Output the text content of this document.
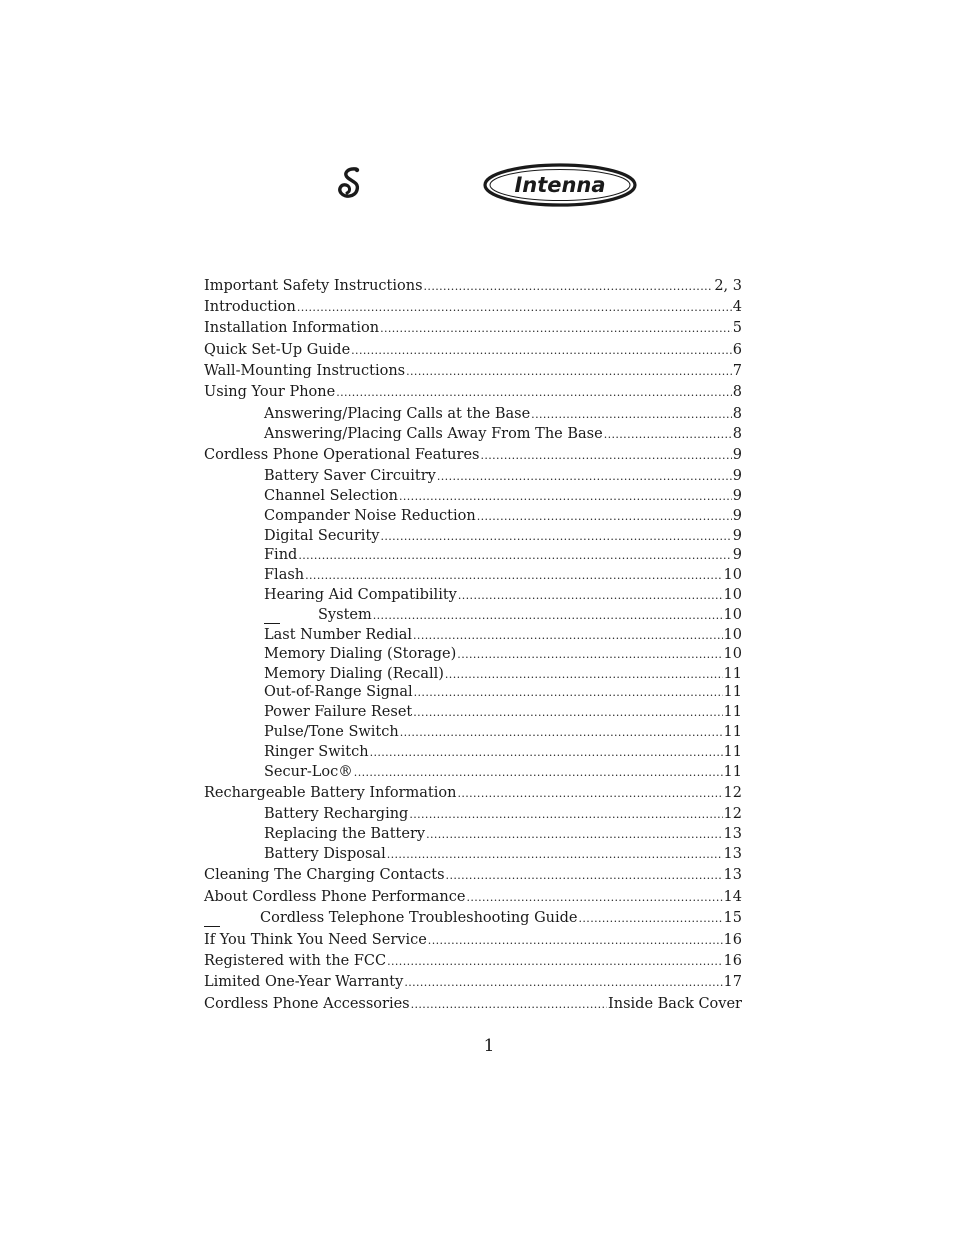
Intenna
Important Safety Instructions .....	2, 3
Introduction .....	4
Installation Information .....	5
Quick Set-Up Guide .....	6
Wall-Mounting Instructions .....	7
Using Your Phone .....	8
Answering/Placing Calls at the Base .....	8
Answering/Placing Calls Away From The Base .....	8
Cordless Phone Operational Features .....	9
Battery Saver Circuitry .....	9
Channel Selection .....	9
Compander Noise Reduction .....	9
Digital Security .....	9
Find .....	9
Flash .....	10
Hearing Aid Compatibility .....	10
System .....	10
Last Number Redial .....	10
Memory Dialing (Storage) .....	10
Memory Dialing (Recall) .....	11
Out-of-Range Signal .....	11
Power Failure Reset .....	11
Pulse/Tone Switch .....	11
Ringer Switch .....	11
Secur-Loc® .....	11
Rechargeable Battery Information .....	12
Battery Recharging .....	12
Replacing the Battery .....	13
Battery Disposal .....	13
Cleaning The Charging Contacts .....	13
About Cordless Phone Performance .....	14
Cordless Telephone Troubleshooting Guide .....	15
If You Think You Need Service .....	16
Registered with the FCC .....	16
Limited One-Year Warranty .....	17
Cordless Phone Accessories .....	Inside Back Cover
1
